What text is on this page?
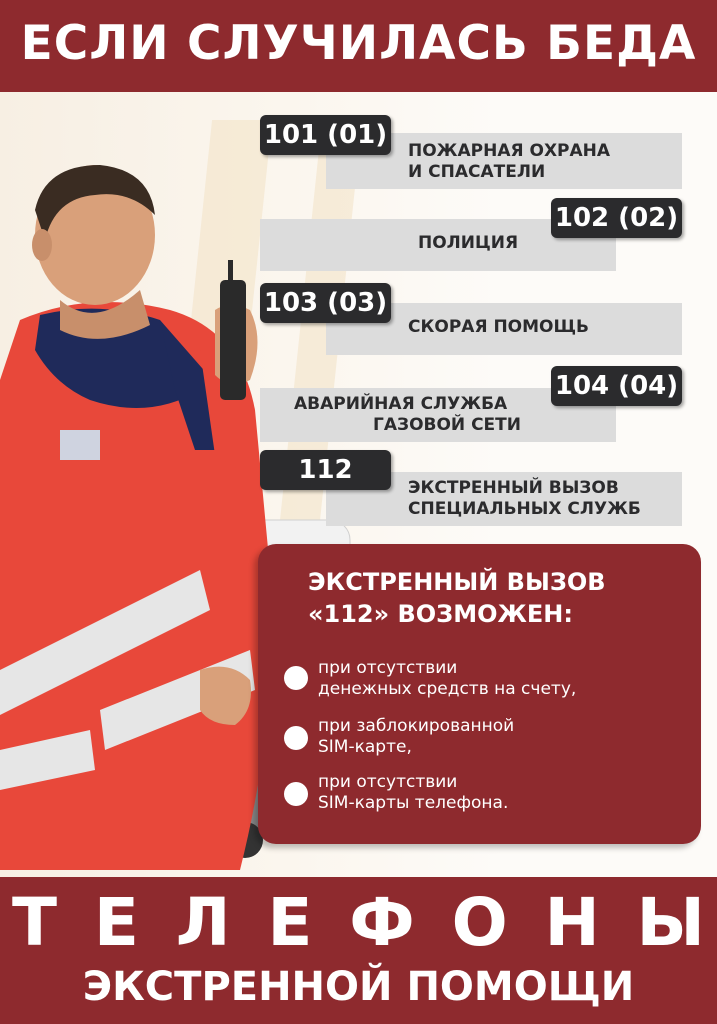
ЕСЛИ СЛУЧИЛАСЬ БЕДА
ПОЖАРНАЯ ОХРАНА
И СПАСАТЕЛИ
101 (01)
ПОЛИЦИЯ
102 (02)
СКОРАЯ ПОМОЩЬ
103 (03)
АВАРИЙНАЯ СЛУЖБА
ГАЗОВОЙ СЕТИ
104 (04)
ЭКСТРЕННЫЙ ВЫЗОВ
СПЕЦИАЛЬНЫХ СЛУЖБ
112
ЭКСТРЕННЫЙ ВЫЗОВ
«112» ВОЗМОЖЕН:
при отсутствии
денежных средств на счету,
при заблокированной
SIM-карте,
при отсутствии
SIM-карты телефона.
Т Е Л Е Ф О Н Ы
ЭКСТРЕННОЙ ПОМОЩИ
